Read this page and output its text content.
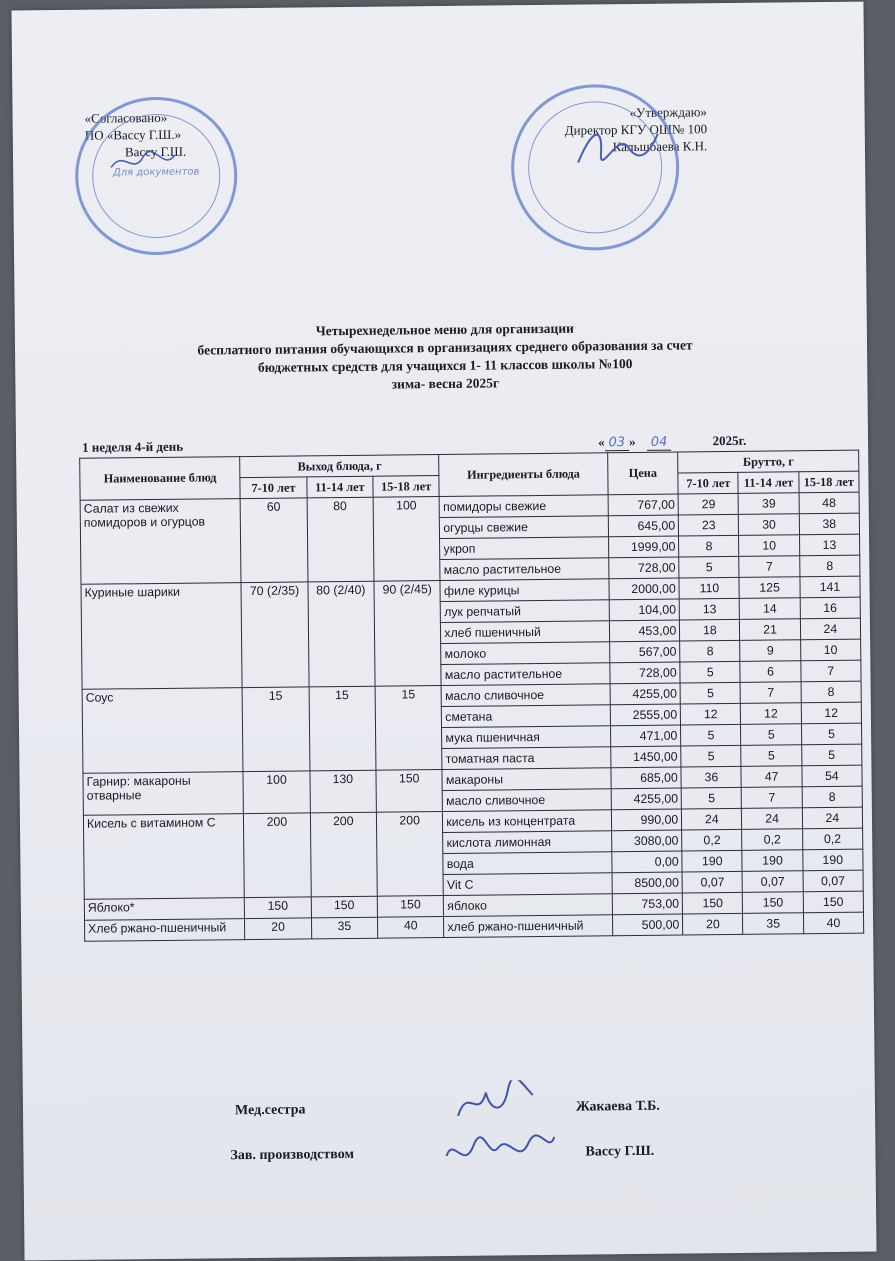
«Согласовано»
ПО «Вассу Г.Ш.»
Вассу Г.Ш.
Для документов
«Утверждаю»
Директор КГУ ОШ№ 100
Кальшбаева К.Н.
Четырехнедельное меню для организации
бесплатного питания обучающихся в организациях среднего образования за счет
бюджетных средств для учащихся 1- 11 классов школы №100
зима- весна 2025г
1 неделя 4-й день	« 03 » 04	2025г.
Наименование блюд	Выход блюда, г			Ингредиенты блюда	Цена	Брутто, г		
	7-10 лет	11-14 лет	15-18 лет			7-10 лет	11-14 лет	15-18 лет
Салат из свежих помидоров и огурцов	60	80	100	помидоры свежие	767,00	29	39	48
				огурцы свежие	645,00	23	30	38
				укроп	1999,00	8	10	13
				масло растительное	728,00	5	7	8
Куриные шарики	70 (2/35)	80 (2/40)	90 (2/45)	филе курицы	2000,00	110	125	141
				лук репчатый	104,00	13	14	16
				хлеб пшеничный	453,00	18	21	24
				молоко	567,00	8	9	10
				масло растительное	728,00	5	6	7
Соус	15	15	15	масло сливочное	4255,00	5	7	8
				сметана	2555,00	12	12	12
				мука пшеничная	471,00	5	5	5
				томатная паста	1450,00	5	5	5
Гарнир: макароны отварные	100	130	150	макароны	685,00	36	47	54
				масло сливочное	4255,00	5	7	8
Кисель с витамином С	200	200	200	кисель из концентрата	990,00	24	24	24
				кислота лимонная	3080,00	0,2	0,2	0,2
				вода	0,00	190	190	190
				Vit C	8500,00	0,07	0,07	0,07
Яблоко*	150	150	150	яблоко	753,00	150	150	150
Хлеб ржано-пшеничный	20	35	40	хлеб ржано-пшеничный	500,00	20	35	40
Мед.сестра	Жакаева Т.Б.
Зав. производством	Вассу Г.Ш.
